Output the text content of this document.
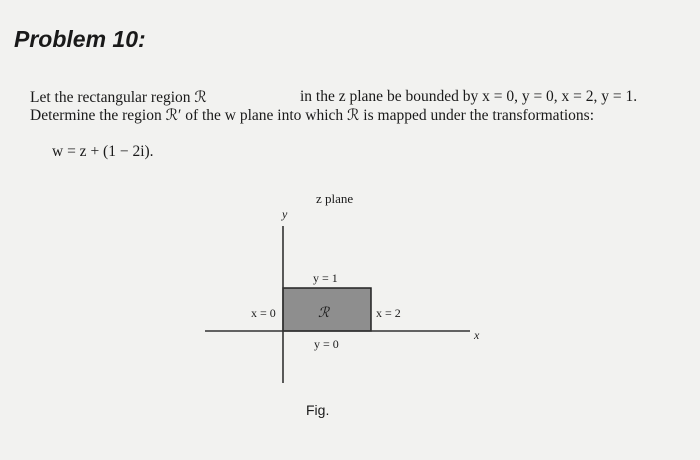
Problem 10:
Let the rectangular region ℛ	in the z plane be bounded by x = 0, y = 0, x = 2, y = 1.
Determine the region ℛ′ of the w plane into which ℛ is mapped under the transformations:
w = z + (1 − 2i).
z plane
y
x
y = 1
x = 0	ℛ	x = 2
y = 0
Fig.
